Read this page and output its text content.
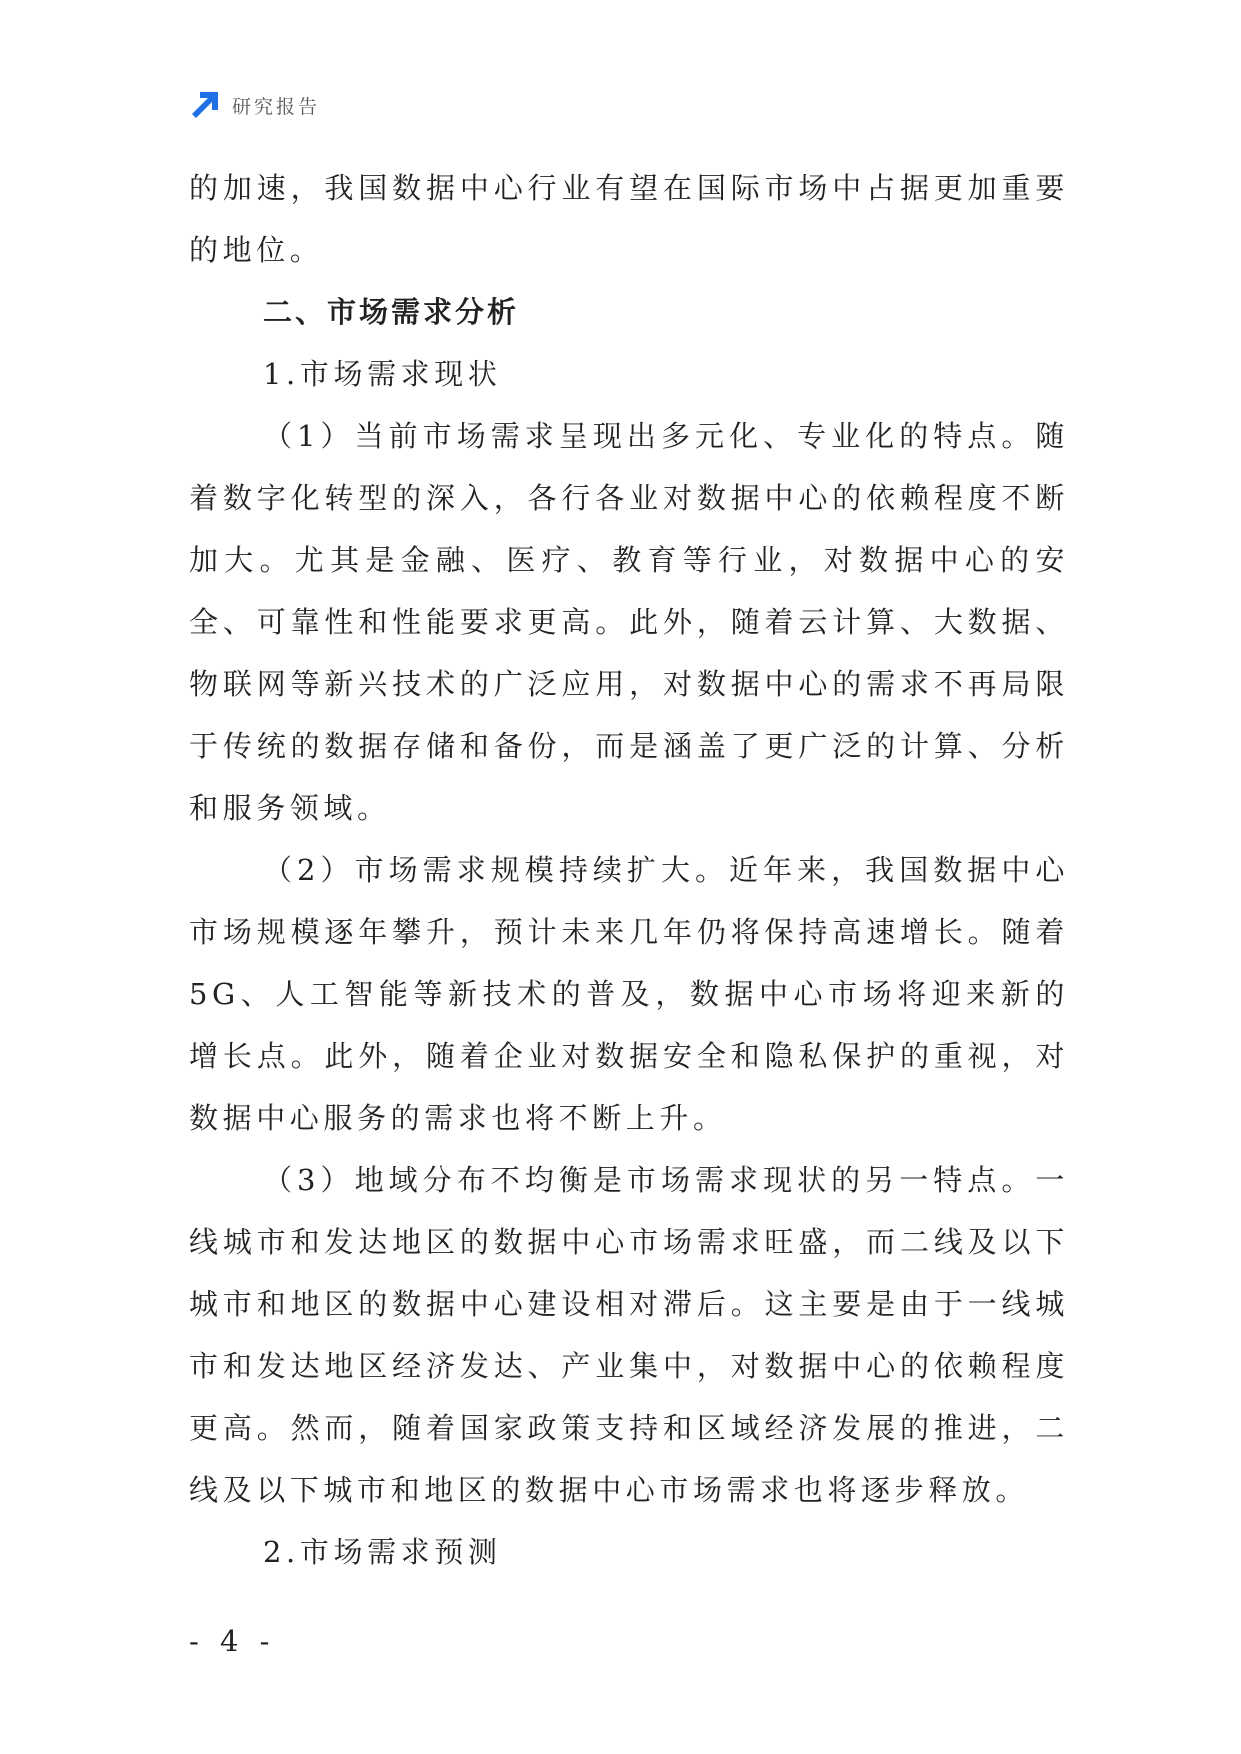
研究报告

的加速，我国数据中心行业有望在国际市场中占据更加重要的地位。

二、市场需求分析

1.市场需求现状

（1）当前市场需求呈现出多元化、专业化的特点。随着数字化转型的深入，各行各业对数据中心的依赖程度不断加大。尤其是金融、医疗、教育等行业，对数据中心的安全、可靠性和性能要求更高。此外，随着云计算、大数据、物联网等新兴技术的广泛应用，对数据中心的需求不再局限于传统的数据存储和备份，而是涵盖了更广泛的计算、分析和服务领域。

（2）市场需求规模持续扩大。近年来，我国数据中心市场规模逐年攀升，预计未来几年仍将保持高速增长。随着5G、人工智能等新技术的普及，数据中心市场将迎来新的增长点。此外，随着企业对数据安全和隐私保护的重视，对数据中心服务的需求也将不断上升。

（3）地域分布不均衡是市场需求现状的另一特点。一线城市和发达地区的数据中心市场需求旺盛，而二线及以下城市和地区的数据中心建设相对滞后。这主要是由于一线城市和发达地区经济发达、产业集中，对数据中心的依赖程度更高。然而，随着国家政策支持和区域经济发展的推进，二线及以下城市和地区的数据中心市场需求也将逐步释放。

2.市场需求预测

- 4 -
